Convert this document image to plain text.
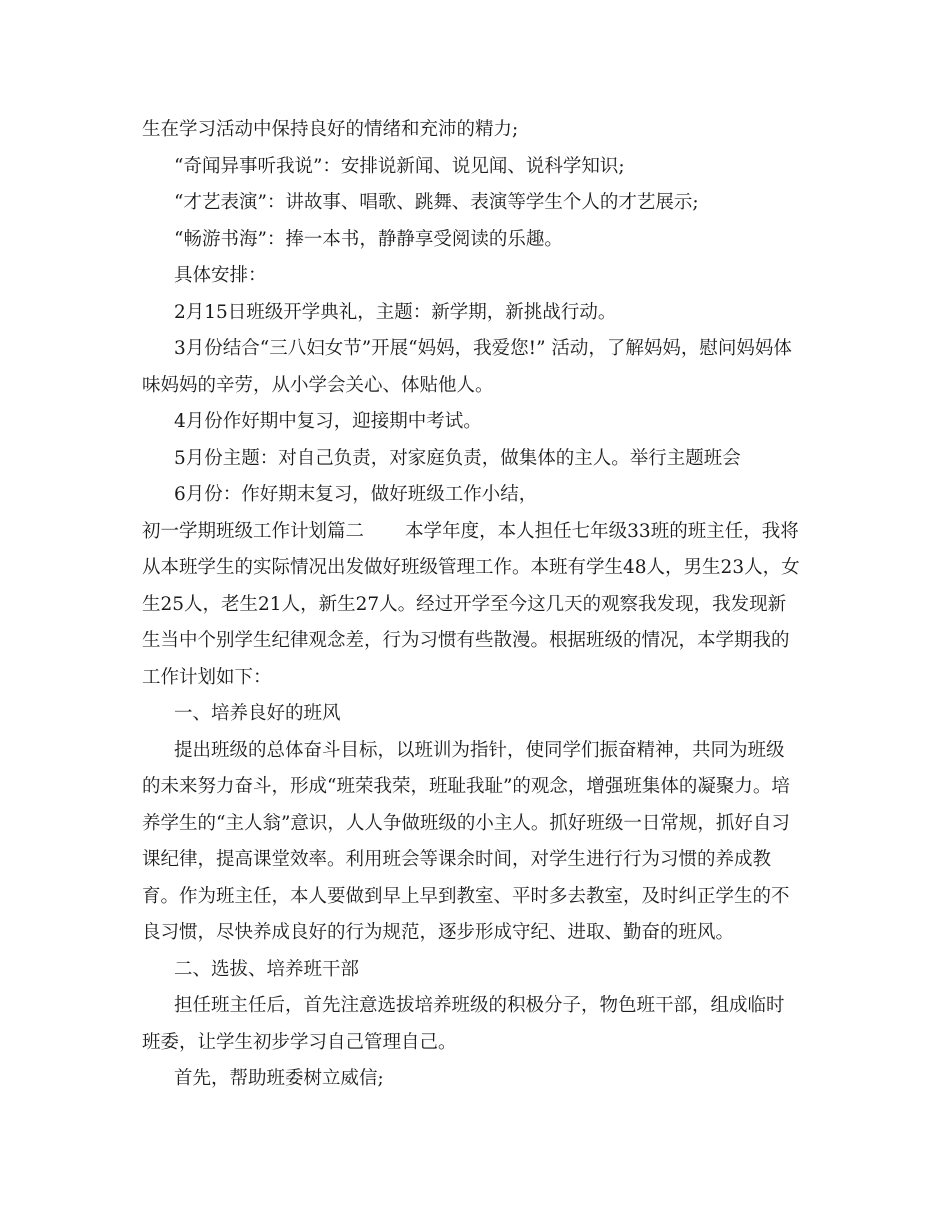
生在学习活动中保持良好的情绪和充沛的精力;
“奇闻异事听我说”：安排说新闻、说见闻、说科学知识;
“才艺表演”：讲故事、唱歌、跳舞、表演等学生个人的才艺展示;
“畅游书海”：捧一本书，静静享受阅读的乐趣。
具体安排：
2月15日班级开学典礼，主题：新学期，新挑战行动。
3月份结合“三八妇女节”开展“妈妈，我爱您!” 活动，了解妈妈，慰问妈妈体
味妈妈的辛劳，从小学会关心、体贴他人。
4月份作好期中复习，迎接期中考试。
5月份主题：对自己负责，对家庭负责，做集体的主人。举行主题班会
6月份：作好期末复习，做好班级工作小结，
初一学期班级工作计划篇二       本学年度，本人担任七年级33班的班主任，我将
从本班学生的实际情况出发做好班级管理工作。本班有学生48人，男生23人，女
生25人，老生21人，新生27人。经过开学至今这几天的观察我发现，我发现新
生当中个别学生纪律观念差，行为习惯有些散漫。根据班级的情况，本学期我的
工作计划如下：
一、培养良好的班风
提出班级的总体奋斗目标，以班训为指针，使同学们振奋精神，共同为班级
的未来努力奋斗，形成“班荣我荣，班耻我耻”的观念，增强班集体的凝聚力。培
养学生的“主人翁”意识，人人争做班级的小主人。抓好班级一日常规，抓好自习
课纪律，提高课堂效率。利用班会等课余时间，对学生进行行为习惯的养成教
育。作为班主任，本人要做到早上早到教室、平时多去教室，及时纠正学生的不
良习惯，尽快养成良好的行为规范，逐步形成守纪、进取、勤奋的班风。
二、选拔、培养班干部
担任班主任后，首先注意选拔培养班级的积极分子，物色班干部，组成临时
班委，让学生初步学习自己管理自己。
首先，帮助班委树立威信;
